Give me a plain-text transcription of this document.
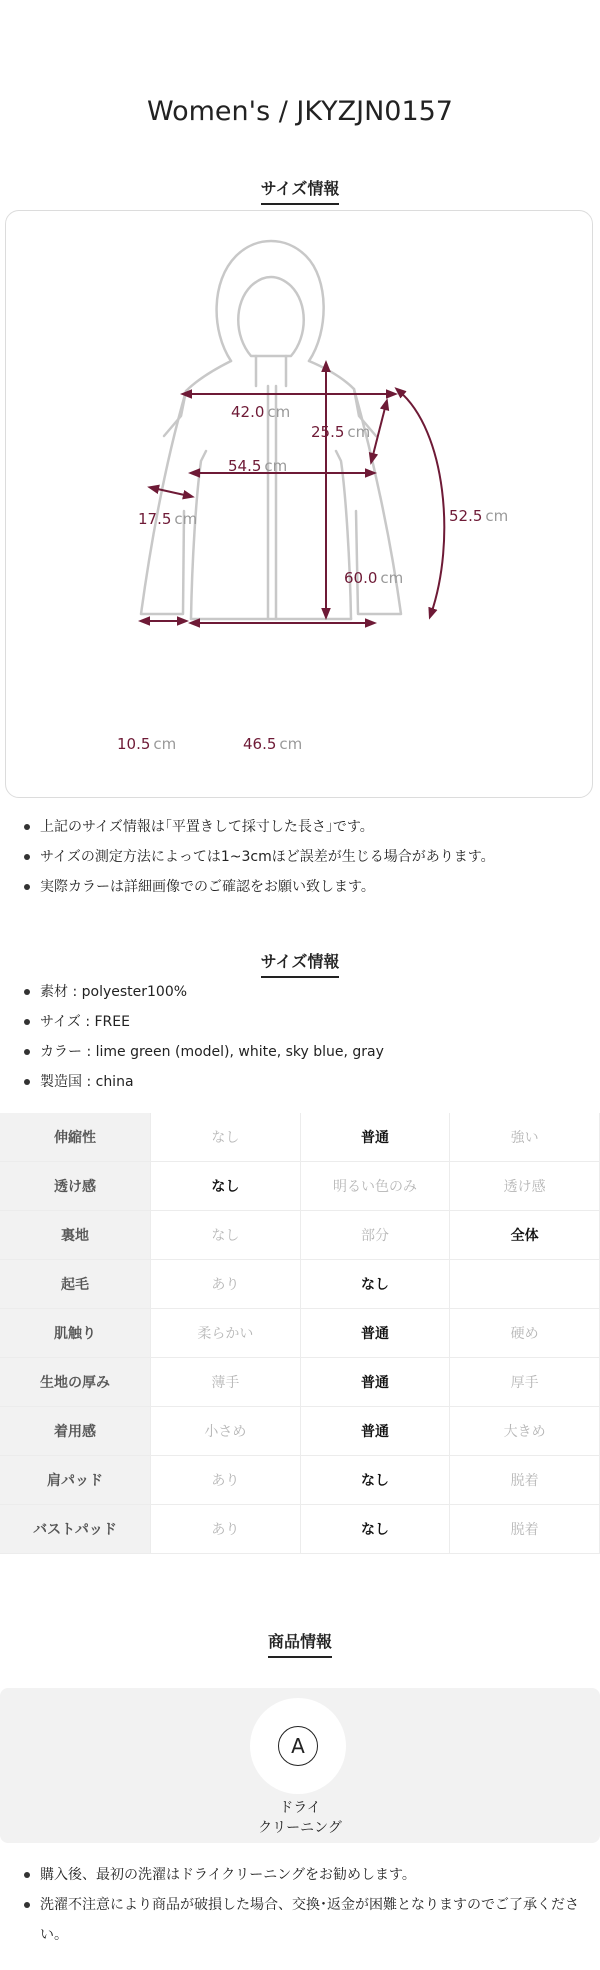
Women's / JKYZJN0157
サイズ情報
42.0 cm
25.5 cm
54.5 cm
17.5 cm
60.0 cm
52.5 cm
10.5 cm	46.5 cm
上記のサイズ情報は｢平置きして採寸した長さ｣です。
サイズの測定方法によっては1~3cmほど誤差が生じる場合があります。
実際カラーは詳細画像でのご確認をお願い致します。
サイズ情報
素材 : polyester100%
サイズ : FREE
カラー : lime green (model), white, sky blue, gray
製造国 : china
伸縮性	なし	普通	強い
透け感	なし	明るい色のみ	透け感
裏地	なし	部分	全体
起毛	あり	なし	
肌触り	柔らかい	普通	硬め
生地の厚み	薄手	普通	厚手
着用感	小さめ	普通	大きめ
肩パッド	あり	なし	脱着
バストパッド	あり	なし	脱着
商品情報
A

ドライ
クリーニング

購入後、最初の洗濯はドライクリーニングをお勧めします。
洗濯不注意により商品が破損した場合、交換･返金が困難となりますのでご了承ください。
